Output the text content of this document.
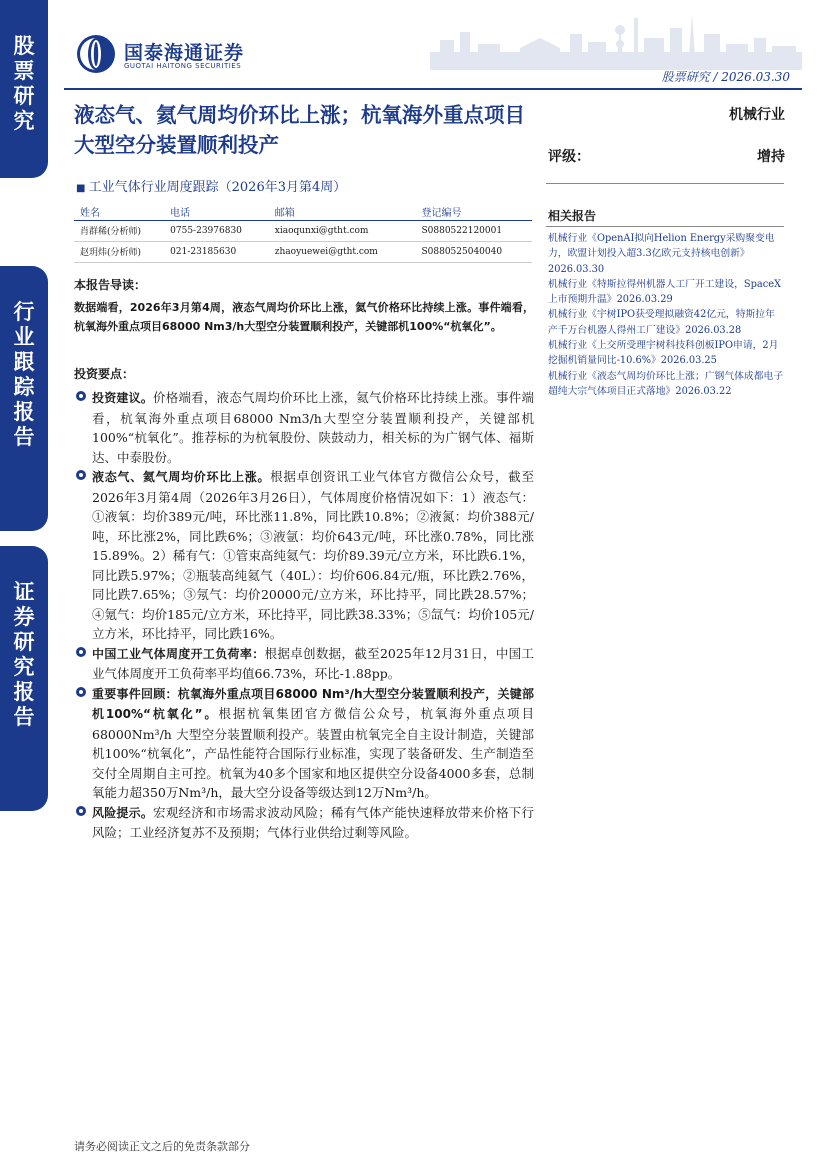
股
票
研
究
行
业
跟
踪
报
告
证
券
研
究
报
告
国泰海通证券
GUOTAI HAITONG SECURITIES
股票研究 / 2026.03.30
液态气、氦气周均价环比上涨；杭氧海外重点项目大型空分装置顺利投产
■ 工业气体行业周度跟踪（2026年3月第4周）
机械行业
评级：	增持
姓名	电话	邮箱	登记编号
肖群稀(分析师)	0755-23976830	xiaoqunxi@gtht.com	S0880522120001
赵玥炜(分析师)	021-23185630	zhaoyuewei@gtht.com	S0880525040040
本报告导读：
数据端看，2026年3月第4周，液态气周均价环比上涨，氦气价格环比持续上涨。事件端看，杭氧海外重点项目68000 Nm3/h大型空分装置顺利投产，关键部机100%“杭氧化”。
投资要点：

投资建议。价格端看，液态气周均价环比上涨，氦气价格环比持续上涨。事件端看，杭氧海外重点项目68000 Nm3/h大型空分装置顺利投产，关键部机100%“杭氧化”。推荐标的为杭氧股份、陕鼓动力，相关标的为广钢气体、福斯达、中泰股份。

液态气、氦气周均价环比上涨。根据卓创资讯工业气体官方微信公众号，截至2026年3月第4周（2026年3月26日），气体周度价格情况如下：1）液态气：①液氧：均价389元/吨，环比涨11.8%，同比跌10.8%；②液氮：均价388元/吨，环比涨2%，同比跌6%；③液氩：均价643元/吨，环比涨0.78%，同比涨15.89%。2）稀有气：①管束高纯氦气：均价89.39元/立方米，环比跌6.1%，同比跌5.97%；②瓶装高纯氦气（40L）：均价606.84元/瓶，环比跌2.76%，同比跌7.65%；③氖气：均价20000元/立方米，环比持平，同比跌28.57%；④氪气：均价185元/立方米，环比持平，同比跌38.33%；⑤氙气：均价105元/立方米，环比持平，同比跌16%。

中国工业气体周度开工负荷率：根据卓创数据，截至2025年12月31日，中国工业气体周度开工负荷率平均值66.73%，环比-1.88pp。

重要事件回顾：杭氧海外重点项目68000 Nm³/h大型空分装置顺利投产，关键部机100%“杭氧化”。根据杭氧集团官方微信公众号，杭氧海外重点项目 68000Nm³/h 大型空分装置顺利投产。装置由杭氧完全自主设计制造，关键部机100%“杭氧化”，产品性能符合国际行业标准，实现了装备研发、生产制造至交付全周期自主可控。杭氧为40多个国家和地区提供空分设备4000多套，总制氧能力超350万Nm³/h，最大空分设备等级达到12万Nm³/h。

风险提示。宏观经济和市场需求波动风险；稀有气体产能快速释放带来价格下行风险；工业经济复苏不及预期；气体行业供给过剩等风险。

相关报告
机械行业《OpenAI拟向Helion Energy采购聚变电力，欧盟计划投入超3.3亿欧元支持核电创新》2026.03.30
机械行业《特斯拉得州机器人工厂开工建设，SpaceX上市预期升温》2026.03.29
机械行业《宇树IPO获受理拟融资42亿元，特斯拉年产千万台机器人得州工厂建设》2026.03.28
机械行业《上交所受理宇树科技科创板IPO申请，2月挖掘机销量同比-10.6%》2026.03.25
机械行业《液态气周均价环比上涨；广钢气体成都电子超纯大宗气体项目正式落地》2026.03.22
请务必阅读正文之后的免责条款部分
